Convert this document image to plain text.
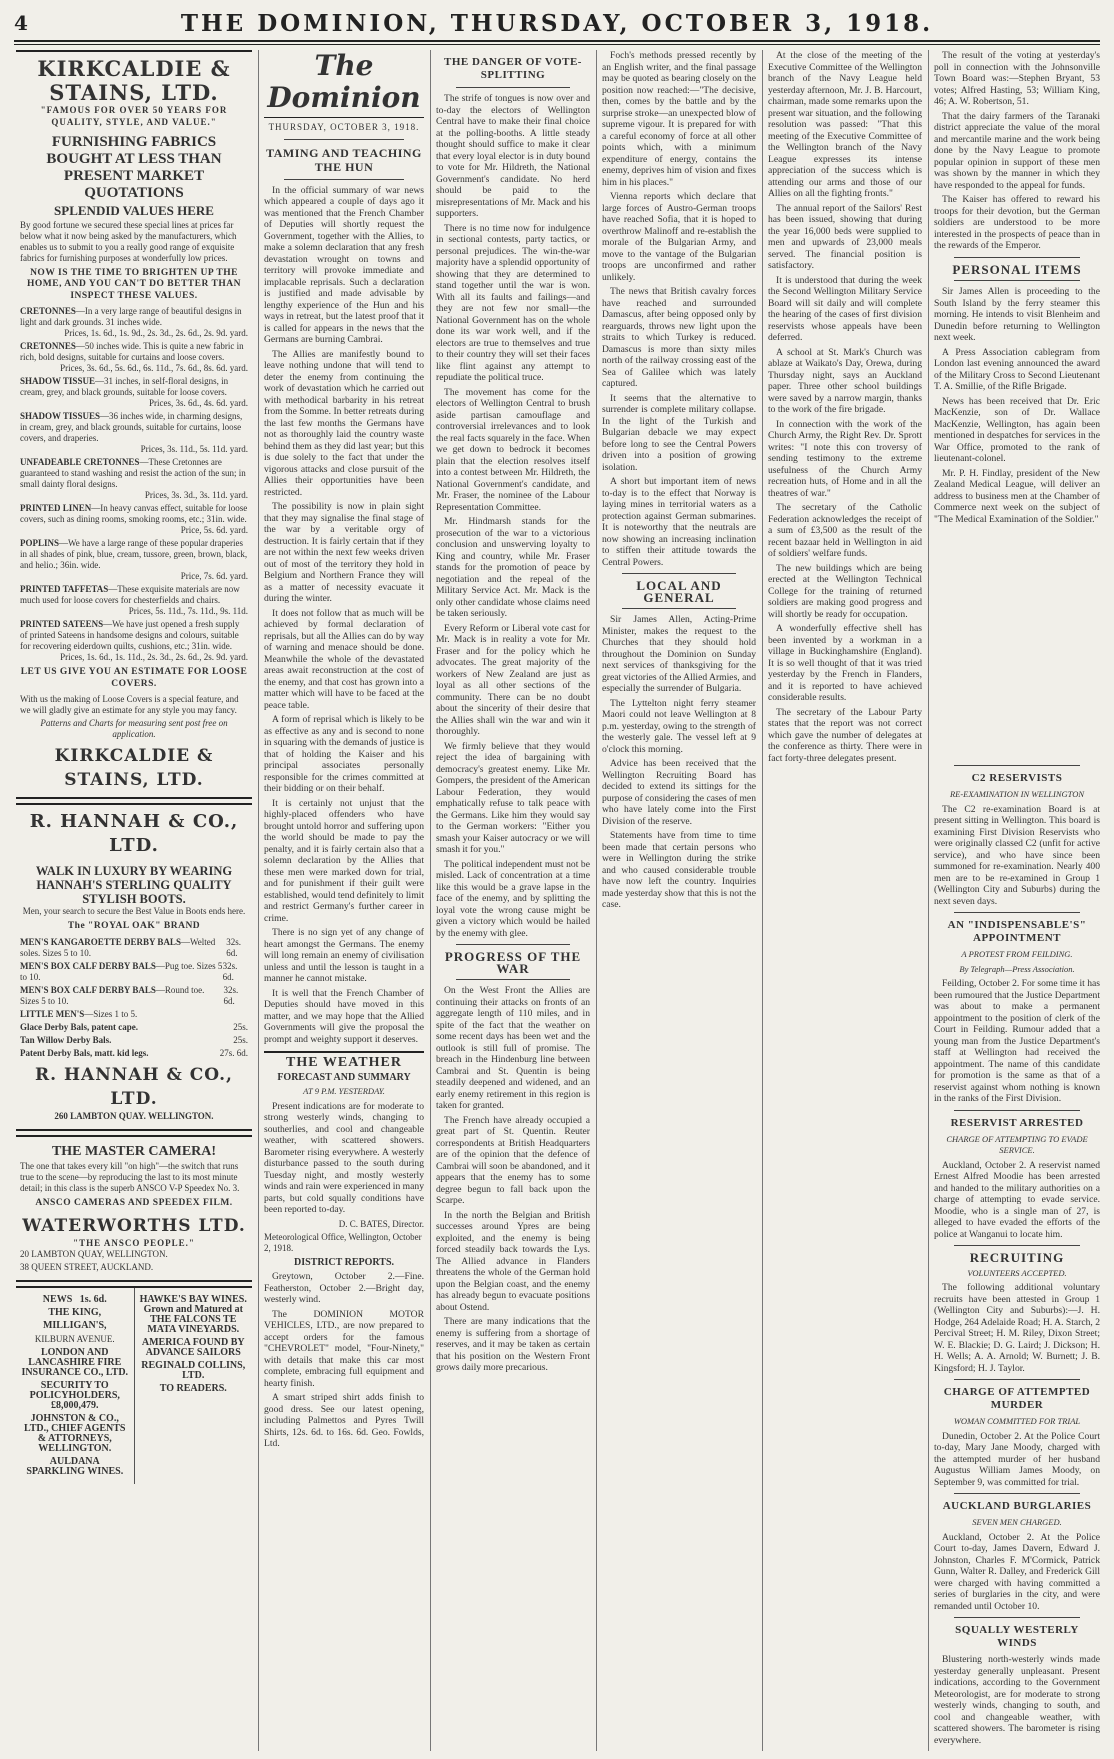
4	THE DOMINION, THURSDAY, OCTOBER 3, 1918.
KIRKCALDIE & STAINS, LTD.
"FAMOUS FOR OVER 50 YEARS FOR QUALITY, STYLE, AND VALUE."
FURNISHING FABRICS BOUGHT AT LESS THAN PRESENT MARKET QUOTATIONS
SPLENDID VALUES HERE
By good fortune we secured these special lines at prices far below what it now being asked by the manufacturers, which enables us to submit to you a really good range of exquisite fabrics for furnishing purposes at wonderfully low prices.
NOW IS THE TIME TO BRIGHTEN UP THE HOME, AND YOU CAN'T DO BETTER THAN INSPECT THESE VALUES.
CRETONNES—In a very large range of beautiful designs in light and dark grounds. 31 inches wide.
Prices, 1s. 6d., 1s. 9d., 2s. 3d., 2s. 6d., 2s. 9d. yard.
CRETONNES—50 inches wide. This is quite a new fabric in rich, bold designs, suitable for curtains and loose covers.
Prices, 3s. 6d., 5s. 6d., 6s. 11d., 7s. 6d., 8s. 6d. yard.
SHADOW TISSUE—31 inches, in self-floral designs, in cream, grey, and black grounds, suitable for loose covers.
Prices, 3s. 6d., 4s. 6d. yard.
SHADOW TISSUES—36 inches wide, in charming designs, in cream, grey, and black grounds, suitable for curtains, loose covers, and draperies.
Prices, 3s. 11d., 5s. 11d. yard.
UNFADEABLE CRETONNES—These Cretonnes are guaranteed to stand washing and resist the action of the sun; in small dainty floral designs.
Prices, 3s. 3d., 3s. 11d. yard.
PRINTED LINEN—In heavy canvas effect, suitable for loose covers, such as dining rooms, smoking rooms, etc.; 31in. wide.
Price, 5s. 6d. yard.
POPLINS—We have a large range of these popular draperies in all shades of pink, blue, cream, tussore, green, brown, black, and helio.; 36in. wide.
Price, 7s. 6d. yard.
PRINTED TAFFETAS—These exquisite materials are now much used for loose covers for chesterfields and chairs.
Prices, 5s. 11d., 7s. 11d., 9s. 11d.
PRINTED SATEENS—We have just opened a fresh supply of printed Sateens in handsome designs and colours, suitable for recovering eiderdown quilts, cushions, etc.; 31in. wide.
Prices, 1s. 6d., 1s. 11d., 2s. 3d., 2s. 6d., 2s. 9d. yard.
LET US GIVE YOU AN ESTIMATE FOR LOOSE COVERS.
With us the making of Loose Covers is a special feature, and we will gladly give an estimate for any style you may fancy.
Patterns and Charts for measuring sent post free on application.
KIRKCALDIE & STAINS, LTD.
R. HANNAH & CO., LTD.
WALK IN LUXURY BY WEARING HANNAH'S STERLING QUALITY STYLISH BOOTS.
Men, your search to secure the Best Value in Boots ends here.
The "ROYAL OAK" BRAND
MEN'S KANGAROETTE DERBY BALS—Welted soles. Sizes 5 to 10.
32s. 6d.
MEN'S BOX CALF DERBY BALS—Pug toe. Sizes 5 to 10.
32s. 6d.
MEN'S BOX CALF DERBY BALS—Round toe. Sizes 5 to 10.
32s. 6d.
LITTLE MEN'S—Sizes 1 to 5.
Glace Derby Bals, patent cape.	25s.
Tan Willow Derby Bals.	25s.
Patent Derby Bals, matt. kid legs.	27s. 6d.
R. HANNAH & CO., LTD.
260 LAMBTON QUAY. WELLINGTON.
THE MASTER CAMERA!
The one that takes every kill "on high"—the switch that runs true to the scene—by reproducing the last to its most minute detail; in this class is the superb ANSCO V-P Speedex No. 3.
ANSCO CAMERAS AND SPEEDEX FILM.
WATERWORTHS LTD.
"THE ANSCO PEOPLE."
20 LAMBTON QUAY, WELLINGTON.
38 QUEEN STREET, AUCKLAND.
NEWS 1s. 6d.
THE KING,
MILLIGAN'S,
KILBURN AVENUE.
LONDON AND LANCASHIRE FIRE INSURANCE CO., LTD.
SECURITY TO POLICYHOLDERS, £8,000,479.
JOHNSTON & CO., LTD., CHIEF AGENTS & ATTORNEYS, WELLINGTON.
AULDANA SPARKLING WINES.
HAWKE'S BAY WINES. Grown and Matured at THE FALCONS TE MATA VINEYARDS.
AMERICA FOUND BY ADVANCE SAILORS
REGINALD COLLINS, LTD.
TO READERS.
The Dominion
THURSDAY, OCTOBER 3, 1918.
TAMING AND TEACHING THE HUN

In the official summary of war news which appeared a couple of days ago it was mentioned that the French Chamber of Deputies will shortly request the Government, together with the Allies, to make a solemn declaration that any fresh devastation wrought on towns and territory will provoke immediate and implacable reprisals. Such a declaration is justified and made advisable by lengthy experience of the Hun and his ways in retreat, but the latest proof that it is called for appears in the news that the Germans are burning Cambrai.

The Allies are manifestly bound to leave nothing undone that will tend to deter the enemy from continuing the work of devastation which he carried out with methodical barbarity in his retreat from the Somme. In better retreats during the last few months the Germans have not as thoroughly laid the country waste behind them as they did last year; but this is due solely to the fact that under the vigorous attacks and close pursuit of the Allies their opportunities have been restricted.

The possibility is now in plain sight that they may signalise the final stage of the war by a veritable orgy of destruction. It is fairly certain that if they are not within the next few weeks driven out of most of the territory they hold in Belgium and Northern France they will as a matter of necessity evacuate it during the winter.

It does not follow that as much will be achieved by formal declaration of reprisals, but all the Allies can do by way of warning and menace should be done. Meanwhile the whole of the devastated areas await reconstruction at the cost of the enemy, and that cost has grown into a matter which will have to be faced at the peace table.

A form of reprisal which is likely to be as effective as any and is second to none in squaring with the demands of justice is that of holding the Kaiser and his principal associates personally responsible for the crimes committed at their bidding or on their behalf.

It is certainly not unjust that the highly-placed offenders who have brought untold horror and suffering upon the world should be made to pay the penalty, and it is fairly certain also that a solemn declaration by the Allies that these men were marked down for trial, and for punishment if their guilt were established, would tend definitely to limit and restrict Germany's further career in crime.

There is no sign yet of any change of heart amongst the Germans. The enemy will long remain an enemy of civilisation unless and until the lesson is taught in a manner he cannot mistake.

It is well that the French Chamber of Deputies should have moved in this matter, and we may hope that the Allied Governments will give the proposal the prompt and weighty support it deserves.

THE WEATHER
FORECAST AND SUMMARY
AT 9 P.M. YESTERDAY.

Present indications are for moderate to strong westerly winds, changing to southerlies, and cool and changeable weather, with scattered showers. Barometer rising everywhere. A westerly disturbance passed to the south during Tuesday night, and mostly westerly winds and rain were experienced in many parts, but cold squally conditions have been reported to-day.

D. C. BATES, Director.
Meteorological Office, Wellington, October 2, 1918.
DISTRICT REPORTS.

Greytown, October 2.—Fine. Featherston, October 2.—Bright day, westerly wind.

The DOMINION MOTOR VEHICLES, LTD., are now prepared to accept orders for the famous "CHEVROLET" model, "Four-Ninety," with details that make this car most complete, embracing full equipment and hearty finish.

A smart striped shirt adds finish to good dress. See our latest opening, including Palmettos and Pyres Twill Shirts, 12s. 6d. to 16s. 6d. Geo. Fowlds, Ltd.

THE DANGER OF VOTE-SPLITTING

The strife of tongues is now over and to-day the electors of Wellington Central have to make their final choice at the polling-booths. A little steady thought should suffice to make it clear that every loyal elector is in duty bound to vote for Mr. Hildreth, the National Government's candidate. No herd should be paid to the misrepresentations of Mr. Mack and his supporters.

There is no time now for indulgence in sectional contests, party tactics, or personal prejudices. The win-the-war majority have a splendid opportunity of showing that they are determined to stand together until the war is won. With all its faults and failings—and they are not few nor small—the National Government has on the whole done its war work well, and if the electors are true to themselves and true to their country they will set their faces like flint against any attempt to repudiate the political truce.

The movement has come for the electors of Wellington Central to brush aside partisan camouflage and controversial irrelevances and to look the real facts squarely in the face. When we get down to bedrock it becomes plain that the election resolves itself into a contest between Mr. Hildreth, the National Government's candidate, and Mr. Fraser, the nominee of the Labour Representation Committee.

Mr. Hindmarsh stands for the prosecution of the war to a victorious conclusion and unswerving loyalty to King and country, while Mr. Fraser stands for the promotion of peace by negotiation and the repeal of the Military Service Act. Mr. Mack is the only other candidate whose claims need be taken seriously.

Every Reform or Liberal vote cast for Mr. Mack is in reality a vote for Mr. Fraser and for the policy which he advocates. The great majority of the workers of New Zealand are just as loyal as all other sections of the community. There can be no doubt about the sincerity of their desire that the Allies shall win the war and win it thoroughly.

We firmly believe that they would reject the idea of bargaining with democracy's greatest enemy. Like Mr. Gompers, the president of the American Labour Federation, they would emphatically refuse to talk peace with the Germans. Like him they would say to the German workers: "Either you smash your Kaiser autocracy or we will smash it for you."

The political independent must not be misled. Lack of concentration at a time like this would be a grave lapse in the face of the enemy, and by splitting the loyal vote the wrong cause might be given a victory which would be hailed by the enemy with glee.

PROGRESS OF THE WAR

On the West Front the Allies are continuing their attacks on fronts of an aggregate length of 110 miles, and in spite of the fact that the weather on some recent days has been wet and the outlook is still full of promise. The breach in the Hindenburg line between Cambrai and St. Quentin is being steadily deepened and widened, and an early enemy retirement in this region is taken for granted.

The French have already occupied a great part of St. Quentin. Reuter correspondents at British Headquarters are of the opinion that the defence of Cambrai will soon be abandoned, and it appears that the enemy has to some degree begun to fall back upon the Scarpe.

In the north the Belgian and British successes around Ypres are being exploited, and the enemy is being forced steadily back towards the Lys. The Allied advance in Flanders threatens the whole of the German hold upon the Belgian coast, and the enemy has already begun to evacuate positions about Ostend.

There are many indications that the enemy is suffering from a shortage of reserves, and it may be taken as certain that his position on the Western Front grows daily more precarious.

Foch's methods pressed recently by an English writer, and the final passage may be quoted as bearing closely on the position now reached:—"The decisive, then, comes by the battle and by the surprise stroke—an unexpected blow of supreme vigour. It is prepared for with a careful economy of force at all other points which, with a minimum expenditure of energy, contains the enemy, deprives him of vision and fixes him in his places."

Vienna reports which declare that large forces of Austro-German troops have reached Sofia, that it is hoped to overthrow Malinoff and re-establish the morale of the Bulgarian Army, and move to the vantage of the Bulgarian troops are unconfirmed and rather unlikely.

The news that British cavalry forces have reached and surrounded Damascus, after being opposed only by rearguards, throws new light upon the straits to which Turkey is reduced. Damascus is more than sixty miles north of the railway crossing east of the Sea of Galilee which was lately captured.

It seems that the alternative to surrender is complete military collapse. In the light of the Turkish and Bulgarian debacle we may expect before long to see the Central Powers driven into a position of growing isolation.

A short but important item of news to-day is to the effect that Norway is laying mines in territorial waters as a protection against German submarines. It is noteworthy that the neutrals are now showing an increasing inclination to stiffen their attitude towards the Central Powers.

LOCAL AND GENERAL

Sir James Allen, Acting-Prime Minister, makes the request to the Churches that they should hold throughout the Dominion on Sunday next services of thanksgiving for the great victories of the Allied Armies, and especially the surrender of Bulgaria.

The Lyttelton night ferry steamer Maori could not leave Wellington at 8 p.m. yesterday, owing to the strength of the westerly gale. The vessel left at 9 o'clock this morning.

Advice has been received that the Wellington Recruiting Board has decided to extend its sittings for the purpose of considering the cases of men who have lately come into the First Division of the reserve.

Statements have from time to time been made that certain persons who were in Wellington during the strike and who caused considerable trouble have now left the country. Inquiries made yesterday show that this is not the case.

At the close of the meeting of the Executive Committee of the Wellington branch of the Navy League held yesterday afternoon, Mr. J. B. Harcourt, chairman, made some remarks upon the present war situation, and the following resolution was passed: "That this meeting of the Executive Committee of the Wellington branch of the Navy League expresses its intense appreciation of the success which is attending our arms and those of our Allies on all the fighting fronts."

The annual report of the Sailors' Rest has been issued, showing that during the year 16,000 beds were supplied to men and upwards of 23,000 meals served. The financial position is satisfactory.

It is understood that during the week the Second Wellington Military Service Board will sit daily and will complete the hearing of the cases of first division reservists whose appeals have been deferred.

A school at St. Mark's Church was ablaze at Waikato's Day, Orewa, during Thursday night, says an Auckland paper. Three other school buildings were saved by a narrow margin, thanks to the work of the fire brigade.

In connection with the work of the Church Army, the Right Rev. Dr. Sprott writes: "I note this con troversy of sending testimony to the extreme usefulness of the Church Army recreation huts, of Home and in all the theatres of war."

The secretary of the Catholic Federation acknowledges the receipt of a sum of £3,500 as the result of the recent bazaar held in Wellington in aid of soldiers' welfare funds.

The new buildings which are being erected at the Wellington Technical College for the training of returned soldiers are making good progress and will shortly be ready for occupation.

A wonderfully effective shell has been invented by a workman in a village in Buckinghamshire (England). It is so well thought of that it was tried yesterday by the French in Flanders, and it is reported to have achieved considerable results.

The secretary of the Labour Party states that the report was not correct which gave the number of delegates at the conference as thirty. There were in fact forty-three delegates present.

The result of the voting at yesterday's poll in connection with the Johnsonville Town Board was:—Stephen Bryant, 53 votes; Alfred Hasting, 53; William King, 46; A. W. Robertson, 51.

That the dairy farmers of the Taranaki district appreciate the value of the moral and mercantile marine and the work being done by the Navy League to promote popular opinion in support of these men was shown by the manner in which they have responded to the appeal for funds.

The Kaiser has offered to reward his troops for their devotion, but the German soldiers are understood to be more interested in the prospects of peace than in the rewards of the Emperor.

PERSONAL ITEMS

Sir James Allen is proceeding to the South Island by the ferry steamer this morning. He intends to visit Blenheim and Dunedin before returning to Wellington next week.

A Press Association cablegram from London last evening announced the award of the Military Cross to Second Lieutenant T. A. Smillie, of the Rifle Brigade.

News has been received that Dr. Eric MacKenzie, son of Dr. Wallace MacKenzie, Wellington, has again been mentioned in despatches for services in the War Office, promoted to the rank of lieutenant-colonel.

Mr. P. H. Findlay, president of the New Zealand Medical League, will deliver an address to business men at the Chamber of Commerce next week on the subject of "The Medical Examination of the Soldier."

C2 RESERVISTS
RE-EXAMINATION IN WELLINGTON

The C2 re-examination Board is at present sitting in Wellington. This board is examining First Division Reservists who were originally classed C2 (unfit for active service), and who have since been summoned for re-examination. Nearly 400 men are to be re-examined in Group 1 (Wellington City and Suburbs) during the next seven days.

AN "INDISPENSABLE'S" APPOINTMENT
A PROTEST FROM FEILDING.
By Telegraph—Press Association.

Feilding, October 2. For some time it has been rumoured that the Justice Department was about to make a permanent appointment to the position of clerk of the Court in Feilding. Rumour added that a young man from the Justice Department's staff at Wellington had received the appointment. The name of this candidate for promotion is the same as that of a reservist against whom nothing is known in the ranks of the First Division.

RESERVIST ARRESTED
CHARGE OF ATTEMPTING TO EVADE SERVICE.

Auckland, October 2. A reservist named Ernest Alfred Moodie has been arrested and handed to the military authorities on a charge of attempting to evade service. Moodie, who is a single man of 27, is alleged to have evaded the efforts of the police at Wanganui to locate him.

RECRUITING
VOLUNTEERS ACCEPTED.

The following additional voluntary recruits have been attested in Group 1 (Wellington City and Suburbs):—J. H. Hodge, 264 Adelaide Road; H. A. Starch, 2 Percival Street; H. M. Riley, Dixon Street; W. E. Blackie; D. G. Laird; J. Dickson; H. H. Wells; A. A. Arnold; W. Burnett; J. B. Kingsford; H. J. Taylor.

CHARGE OF ATTEMPTED MURDER
WOMAN COMMITTED FOR TRIAL

Dunedin, October 2. At the Police Court to-day, Mary Jane Moody, charged with the attempted murder of her husband Augustus William James Moody, on September 9, was committed for trial.

AUCKLAND BURGLARIES
SEVEN MEN CHARGED.

Auckland, October 2. At the Police Court to-day, James Davern, Edward J. Johnston, Charles F. M'Cormick, Patrick Gunn, Walter R. Dalley, and Frederick Gill were charged with having committed a series of burglaries in the city, and were remanded until October 10.

SQUALLY WESTERLY WINDS

Blustering north-westerly winds made yesterday generally unpleasant. Present indications, according to the Government Meteorologist, are for moderate to strong westerly winds, changing to south, and cool and changeable weather, with scattered showers. The barometer is rising everywhere.
